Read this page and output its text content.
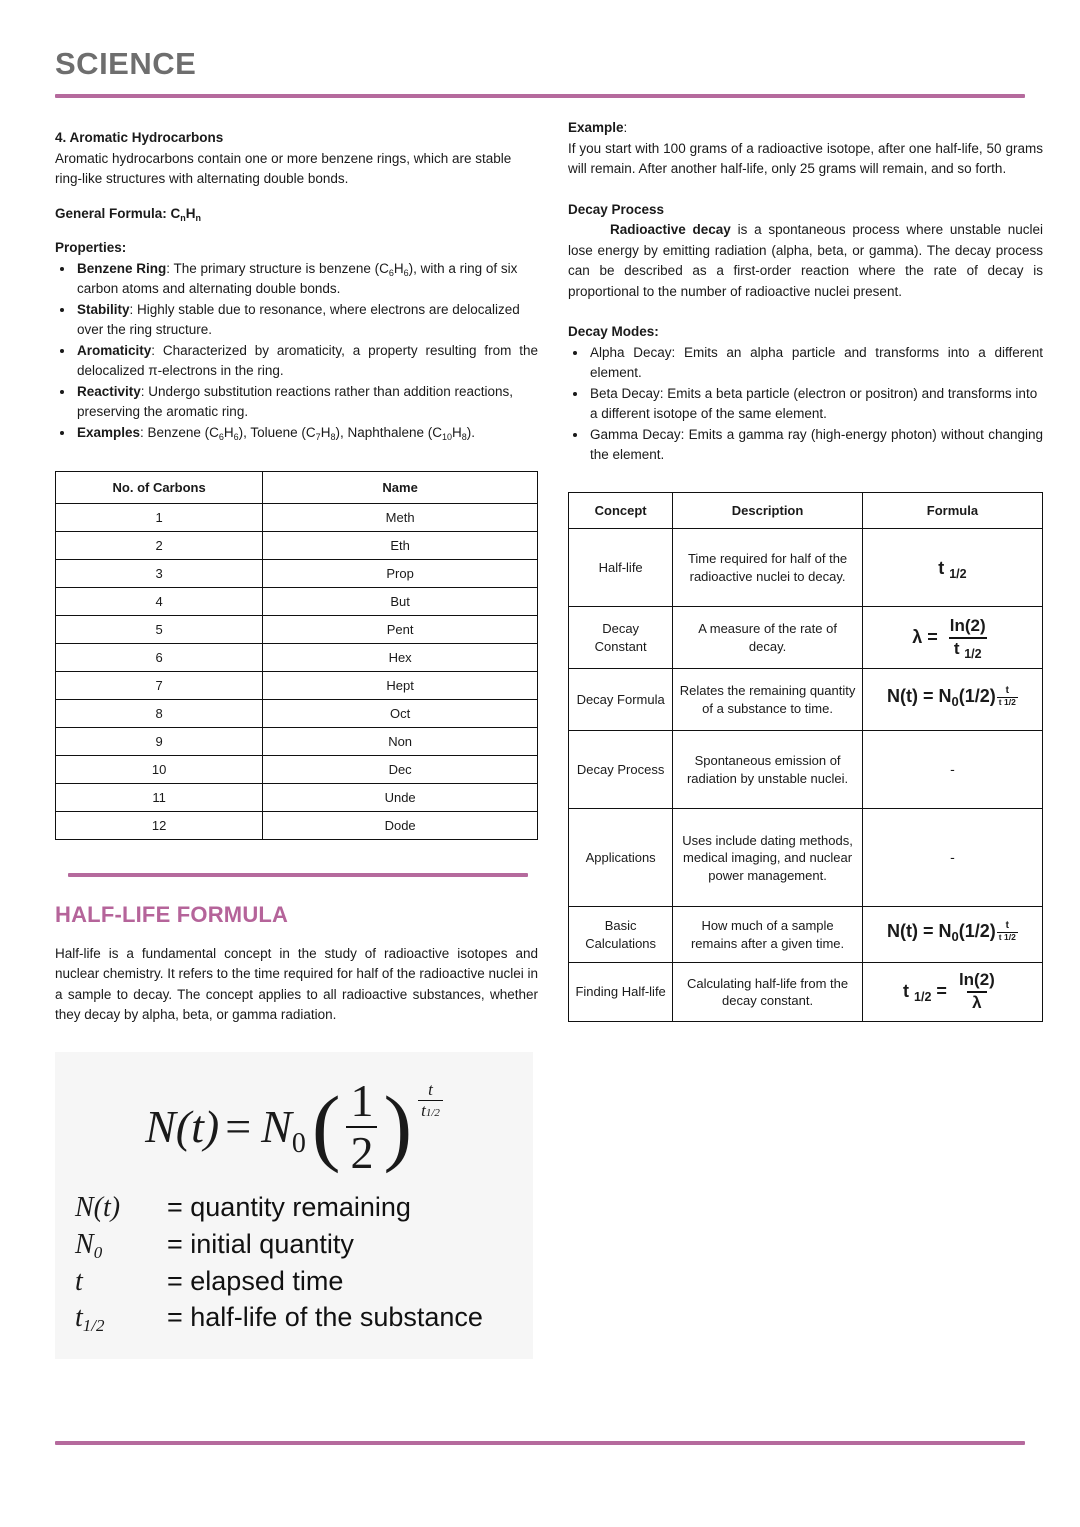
SCIENCE
4. Aromatic Hydrocarbons

Aromatic hydrocarbons contain one or more benzene rings, which are stable ring-like structures with alternating double bonds.

General Formula: $C_nH_n$
Properties:
• Benzene Ring: The primary structure is benzene $(C_6H_6)$, with a ring of six carbon atoms and alternating double bonds.
• Stability: Highly stable due to resonance, where electrons are delocalized over the ring structure.
• Aromaticity: Characterized by aromaticity, a property resulting from the delocalized π-electrons in the ring.
• Reactivity: Undergo substitution reactions rather than addition reactions, preserving the aromatic ring.
• Examples: Benzene $(C_6H_6)$, Toluene $(C_7H_8)$, Naphthalene $(C_{10}H_8)$.
No. of Carbons	Name
1	Meth
2	Eth
3	Prop
4	But
5	Pent
6	Hex
7	Hept
8	Oct
9	Non
10	Dec
11	Unde
12	Dode
HALF-LIFE FORMULA

Half-life is a fundamental concept in the study of radioactive isotopes and nuclear chemistry. It refers to the time required for half of the radioactive nuclei in a sample to decay. The concept applies to all radioactive substances, whether they decay by alpha, beta, or gamma radiation.

$N(t) = N_0$ ( $\frac{1}{2}$ ) $\frac{t}{t1/2}$
N(t)	= quantity remaining
N0	= initial quantity
t	= elapsed time
t1/2	= half-life of the substance
Example:

If you start with 100 grams of a radioactive isotope, after one half-life, 50 grams will remain. After another half-life, only 25 grams will remain, and so forth.

Decay Process

Radioactive decay is a spontaneous process where unstable nuclei lose energy by emitting radiation (alpha, beta, or gamma). The decay process can be described as a first-order reaction where the rate of decay is proportional to the number of radioactive nuclei present.

Decay Modes:
• Alpha Decay: Emits an alpha particle and transforms into a different element.
• Beta Decay: Emits a beta particle (electron or positron) and transforms into a different isotope of the same element.
• Gamma Decay: Emits a gamma ray (high-energy photon) without changing the element.
Concept	Description	Formula
Half-life	Time required for half of the radioactive nuclei to decay.	t $_{1/2}$
Decay Constant	A measure of the rate of decay.	$\lambda = \frac{\ln(2)}{t _{1/2}}$

Decay Formula	Relates the remaining quantity of a substance to time.	$N(t) = N_0(1/2) \frac{t}{t 1/2}$

Decay Process	Spontaneous emission of radiation by unstable nuclei.	-
Applications	Uses include dating methods, medical imaging, and nuclear power management.	-
Basic Calculations	How much of a sample remains after a given time.	$N(t) = N_0(1/2) \frac{t}{t 1/2}$

Finding Half-life	Calculating half-life from the decay constant.	t $_{1/2} = \frac{\ln(2)}{\lambda}$
